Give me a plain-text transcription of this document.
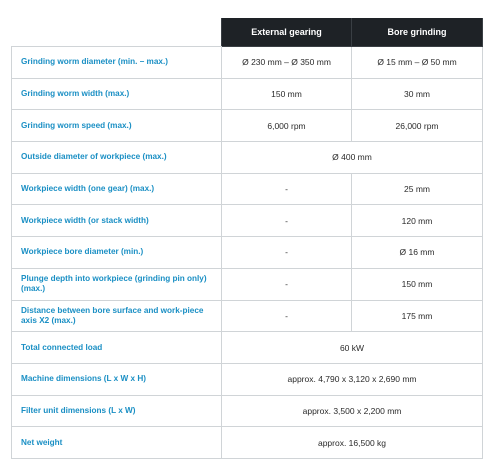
	External gearing	Bore grinding
Grinding worm diameter (min. – max.)	Ø 230 mm – Ø 350 mm	Ø 15 mm – Ø 50 mm
Grinding worm width (max.)	150 mm	30 mm
Grinding worm speed (max.)	6,000 rpm	26,000 rpm
Outside diameter of workpiece (max.)	Ø 400 mm	
Workpiece width (one gear) (max.)	-	25 mm
Workpiece width (or stack width)	-	120 mm
Workpiece bore diameter (min.)	-	Ø 16 mm
Plunge depth into workpiece (grinding pin only) (max.)	-	150 mm
Distance between bore surface and work-piece axis X2 (max.)	-	175 mm
Total connected load	60 kW	
Machine dimensions (L x W x H)	approx. 4,790 x 3,120 x 2,690 mm	
Filter unit dimensions (L x W)	approx. 3,500 x 2,200 mm	
Net weight	approx. 16,500 kg	
